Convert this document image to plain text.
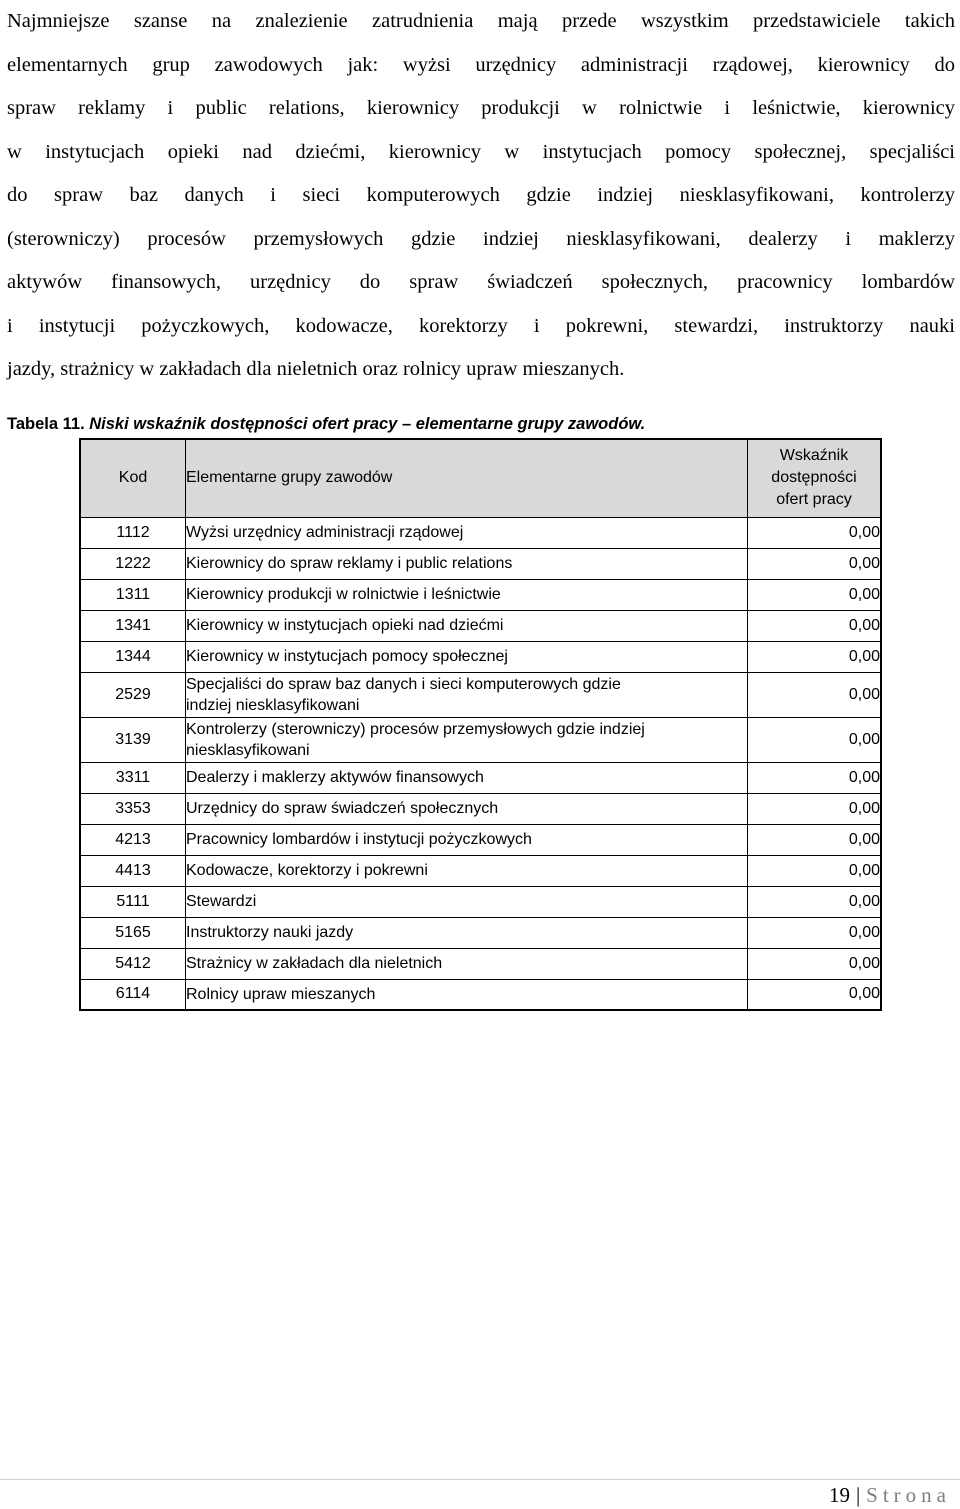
Najmniejsze szanse na znalezienie zatrudnienia mają przede wszystkim przedstawiciele takich
elementarnych grup zawodowych jak: wyżsi urzędnicy administracji rządowej, kierownicy do
spraw reklamy i public relations, kierownicy produkcji w rolnictwie i leśnictwie, kierownicy
w instytucjach opieki nad dziećmi, kierownicy w instytucjach pomocy społecznej, specjaliści
do spraw baz danych i sieci komputerowych gdzie indziej niesklasyfikowani, kontrolerzy
(sterowniczy) procesów przemysłowych gdzie indziej niesklasyfikowani, dealerzy i maklerzy
aktywów finansowych, urzędnicy do spraw świadczeń społecznych, pracownicy lombardów
i instytucji pożyczkowych, kodowacze, korektorzy i pokrewni, stewardzi, instruktorzy nauki
jazdy, strażnicy w zakładach dla nieletnich oraz rolnicy upraw mieszanych.

Tabela 11. Niski wskaźnik dostępności ofert pracy – elementarne grupy zawodów.

Kod	Elementarne grupy zawodów	Wskaźnik
dostępności
ofert pracy
1112	Wyżsi urzędnicy administracji rządowej	0,00
1222	Kierownicy do spraw reklamy i public relations	0,00
1311	Kierownicy produkcji w rolnictwie i leśnictwie	0,00
1341	Kierownicy w instytucjach opieki nad dziećmi	0,00
1344	Kierownicy w instytucjach pomocy społecznej	0,00
2529	Specjaliści do spraw baz danych i sieci komputerowych gdzie
indziej niesklasyfikowani	0,00
3139	Kontrolerzy (sterowniczy) procesów przemysłowych gdzie indziej
niesklasyfikowani	0,00
3311	Dealerzy i maklerzy aktywów finansowych	0,00
3353	Urzędnicy do spraw świadczeń społecznych	0,00
4213	Pracownicy lombardów i instytucji pożyczkowych	0,00
4413	Kodowacze, korektorzy i pokrewni	0,00
5111	Stewardzi	0,00
5165	Instruktorzy nauki jazdy	0,00
5412	Strażnicy w zakładach dla nieletnich	0,00
6114	Rolnicy upraw mieszanych	0,00
19 | Strona
